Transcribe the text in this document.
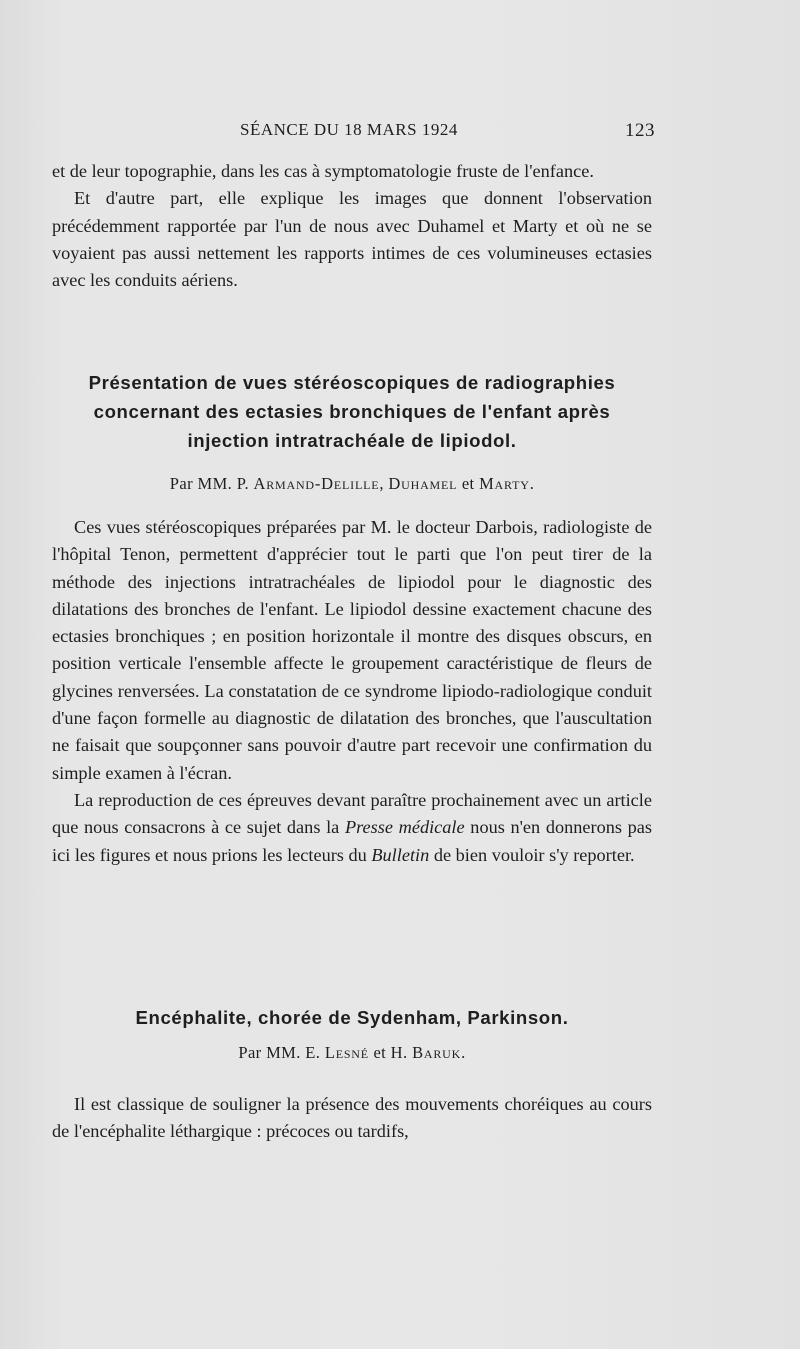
SÉANCE DU 18 MARS 1924	123

et de leur topographie, dans les cas à symptomatologie fruste de l'enfance.

Et d'autre part, elle explique les images que donnent l'observation précédemment rapportée par l'un de nous avec Duhamel et Marty et où ne se voyaient pas aussi nettement les rapports intimes de ces volumineuses ectasies avec les conduits aériens.

Présentation de vues stéréoscopiques de radiographies concernant des ectasies bronchiques de l'enfant après injection intratrachéale de lipiodol.

Par MM. P. Armand-Delille, Duhamel et Marty.

Ces vues stéréoscopiques préparées par M. le docteur Darbois, radiologiste de l'hôpital Tenon, permettent d'apprécier tout le parti que l'on peut tirer de la méthode des injections intratrachéales de lipiodol pour le diagnostic des dilatations des bronches de l'enfant. Le lipiodol dessine exactement chacune des ectasies bronchiques ; en position horizontale il montre des disques obscurs, en position verticale l'ensemble affecte le groupement caractéristique de fleurs de glycines renversées. La constatation de ce syndrome lipiodo-radiologique conduit d'une façon formelle au diagnostic de dilatation des bronches, que l'auscultation ne faisait que soupçonner sans pouvoir d'autre part recevoir une confirmation du simple examen à l'écran.

La reproduction de ces épreuves devant paraître prochainement avec un article que nous consacrons à ce sujet dans la Presse médicale nous n'en donnerons pas ici les figures et nous prions les lecteurs du Bulletin de bien vouloir s'y reporter.

Encéphalite, chorée de Sydenham, Parkinson.

Par MM. E. Lesné et H. Baruk.

Il est classique de souligner la présence des mouvements choréiques au cours de l'encéphalite léthargique : précoces ou tardifs,
